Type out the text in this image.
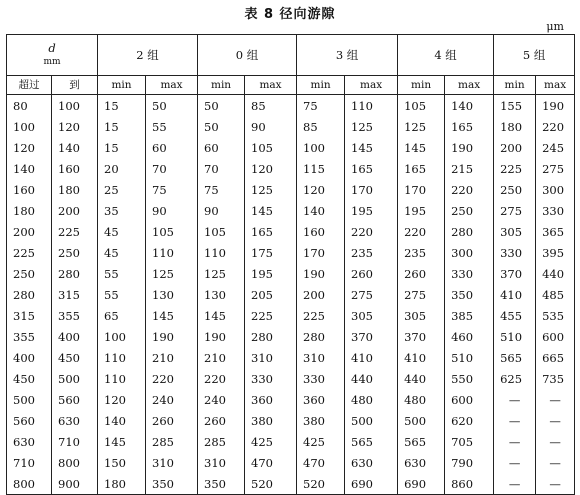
表 8 径向游隙
μm
d
mm		2 组		0 组		3 组		4 组		5 组	
超过	到	min	max	min	max	min	max	min	max	min	max
80	100	15	50	50	85	75	110	105	140	155	190
100	120	15	55	50	90	85	125	125	165	180	220
120	140	15	60	60	105	100	145	145	190	200	245
140	160	20	70	70	120	115	165	165	215	225	275
160	180	25	75	75	125	120	170	170	220	250	300
180	200	35	90	90	145	140	195	195	250	275	330
200	225	45	105	105	165	160	220	220	280	305	365
225	250	45	110	110	175	170	235	235	300	330	395
250	280	55	125	125	195	190	260	260	330	370	440
280	315	55	130	130	205	200	275	275	350	410	485
315	355	65	145	145	225	225	305	305	385	455	535
355	400	100	190	190	280	280	370	370	460	510	600
400	450	110	210	210	310	310	410	410	510	565	665
450	500	110	220	220	330	330	440	440	550	625	735
500	560	120	240	240	360	360	480	480	600	—	—
560	630	140	260	260	380	380	500	500	620	—	—
630	710	145	285	285	425	425	565	565	705	—	—
710	800	150	310	310	470	470	630	630	790	—	—
800	900	180	350	350	520	520	690	690	860	—	—
